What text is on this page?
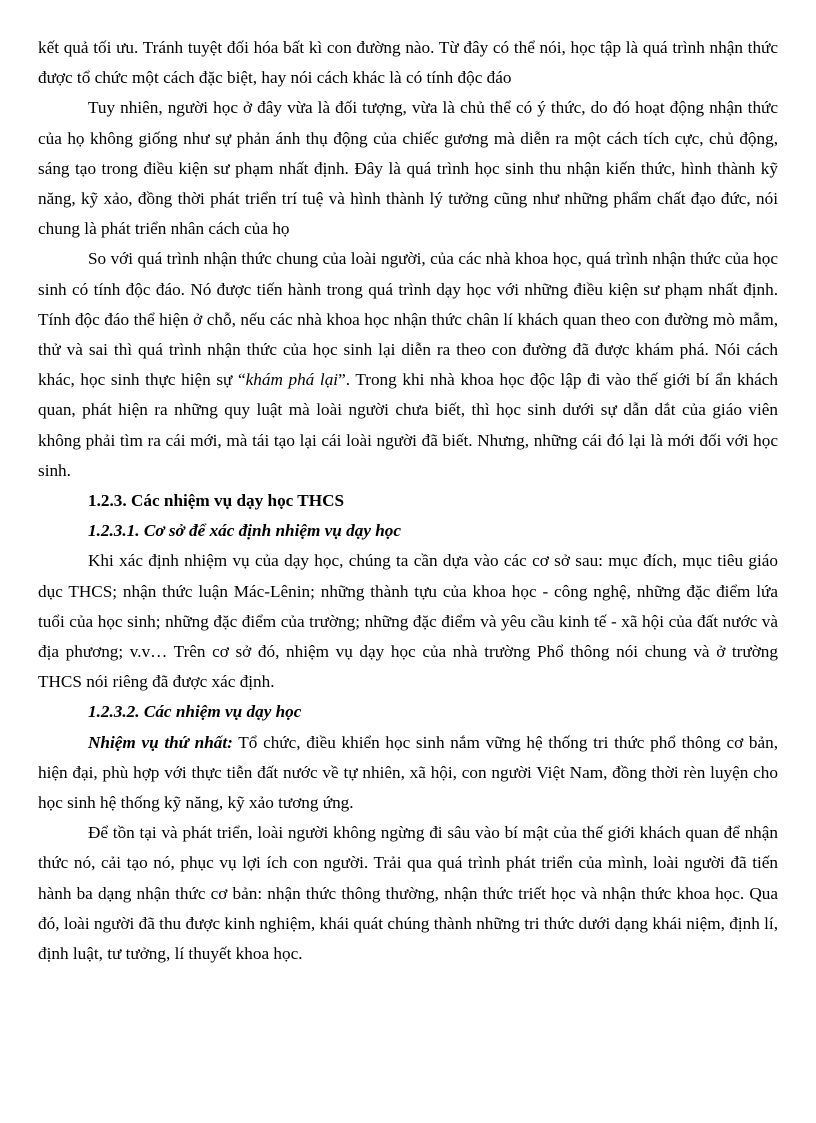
kết quả tối ưu. Tránh tuyệt đối hóa bất kì con đường nào. Từ đây có thể nói, học tập là quá trình nhận thức được tổ chức một cách đặc biệt, hay nói cách khác là có tính độc đáo

Tuy nhiên, người học ở đây vừa là đối tượng, vừa là chủ thể có ý thức, do đó hoạt động nhận thức của họ không giống như sự phản ánh thụ động của chiếc gương mà diễn ra một cách tích cực, chủ động, sáng tạo trong điều kiện sư phạm nhất định. Đây là quá trình học sinh thu nhận kiến thức, hình thành kỹ năng, kỹ xảo, đồng thời phát triển trí tuệ và hình thành lý tưởng cũng như những phẩm chất đạo đức, nói chung là phát triển nhân cách của họ

So với quá trình nhận thức chung của loài người, của các nhà khoa học, quá trình nhận thức của học sinh có tính độc đáo. Nó được tiến hành trong quá trình dạy học với những điều kiện sư phạm nhất định. Tính độc đáo thể hiện ở chỗ, nếu các nhà khoa học nhận thức chân lí khách quan theo con đường mò mẫm, thử và sai thì quá trình nhận thức của học sinh lại diễn ra theo con đường đã được khám phá. Nói cách khác, học sinh thực hiện sự “khám phá lại”. Trong khi nhà khoa học độc lập đi vào thế giới bí ẩn khách quan, phát hiện ra những quy luật mà loài người chưa biết, thì học sinh dưới sự dẫn dắt của giáo viên không phải tìm ra cái mới, mà tái tạo lại cái loài người đã biết. Nhưng, những cái đó lại là mới đối với học sinh.

1.2.3. Các nhiệm vụ dạy học THCS

1.2.3.1. Cơ sở để xác định nhiệm vụ dạy học

Khi xác định nhiệm vụ của dạy học, chúng ta cần dựa vào các cơ sở sau: mục đích, mục tiêu giáo dục THCS; nhận thức luận Mác-Lênin; những thành tựu của khoa học - công nghệ, những đặc điểm lứa tuổi của học sinh; những đặc điểm của trường; những đặc điểm và yêu cầu kinh tế - xã hội của đất nước và địa phương; v.v… Trên cơ sở đó, nhiệm vụ dạy học của nhà trường Phổ thông nói chung và ở trường THCS nói riêng đã được xác định.

1.2.3.2. Các nhiệm vụ dạy học

Nhiệm vụ thứ nhất: Tổ chức, điều khiển học sinh nắm vững hệ thống tri thức phổ thông cơ bản, hiện đại, phù hợp với thực tiễn đất nước về tự nhiên, xã hội, con người Việt Nam, đồng thời rèn luyện cho học sinh hệ thống kỹ năng, kỹ xảo tương ứng.

Để tồn tại và phát triển, loài người không ngừng đi sâu vào bí mật của thế giới khách quan để nhận thức nó, cải tạo nó, phục vụ lợi ích con người. Trải qua quá trình phát triển của mình, loài người đã tiến hành ba dạng nhận thức cơ bản: nhận thức thông thường, nhận thức triết học và nhận thức khoa học. Qua đó, loài người đã thu được kinh nghiệm, khái quát chúng thành những tri thức dưới dạng khái niệm, định lí, định luật, tư tưởng, lí thuyết khoa học.
